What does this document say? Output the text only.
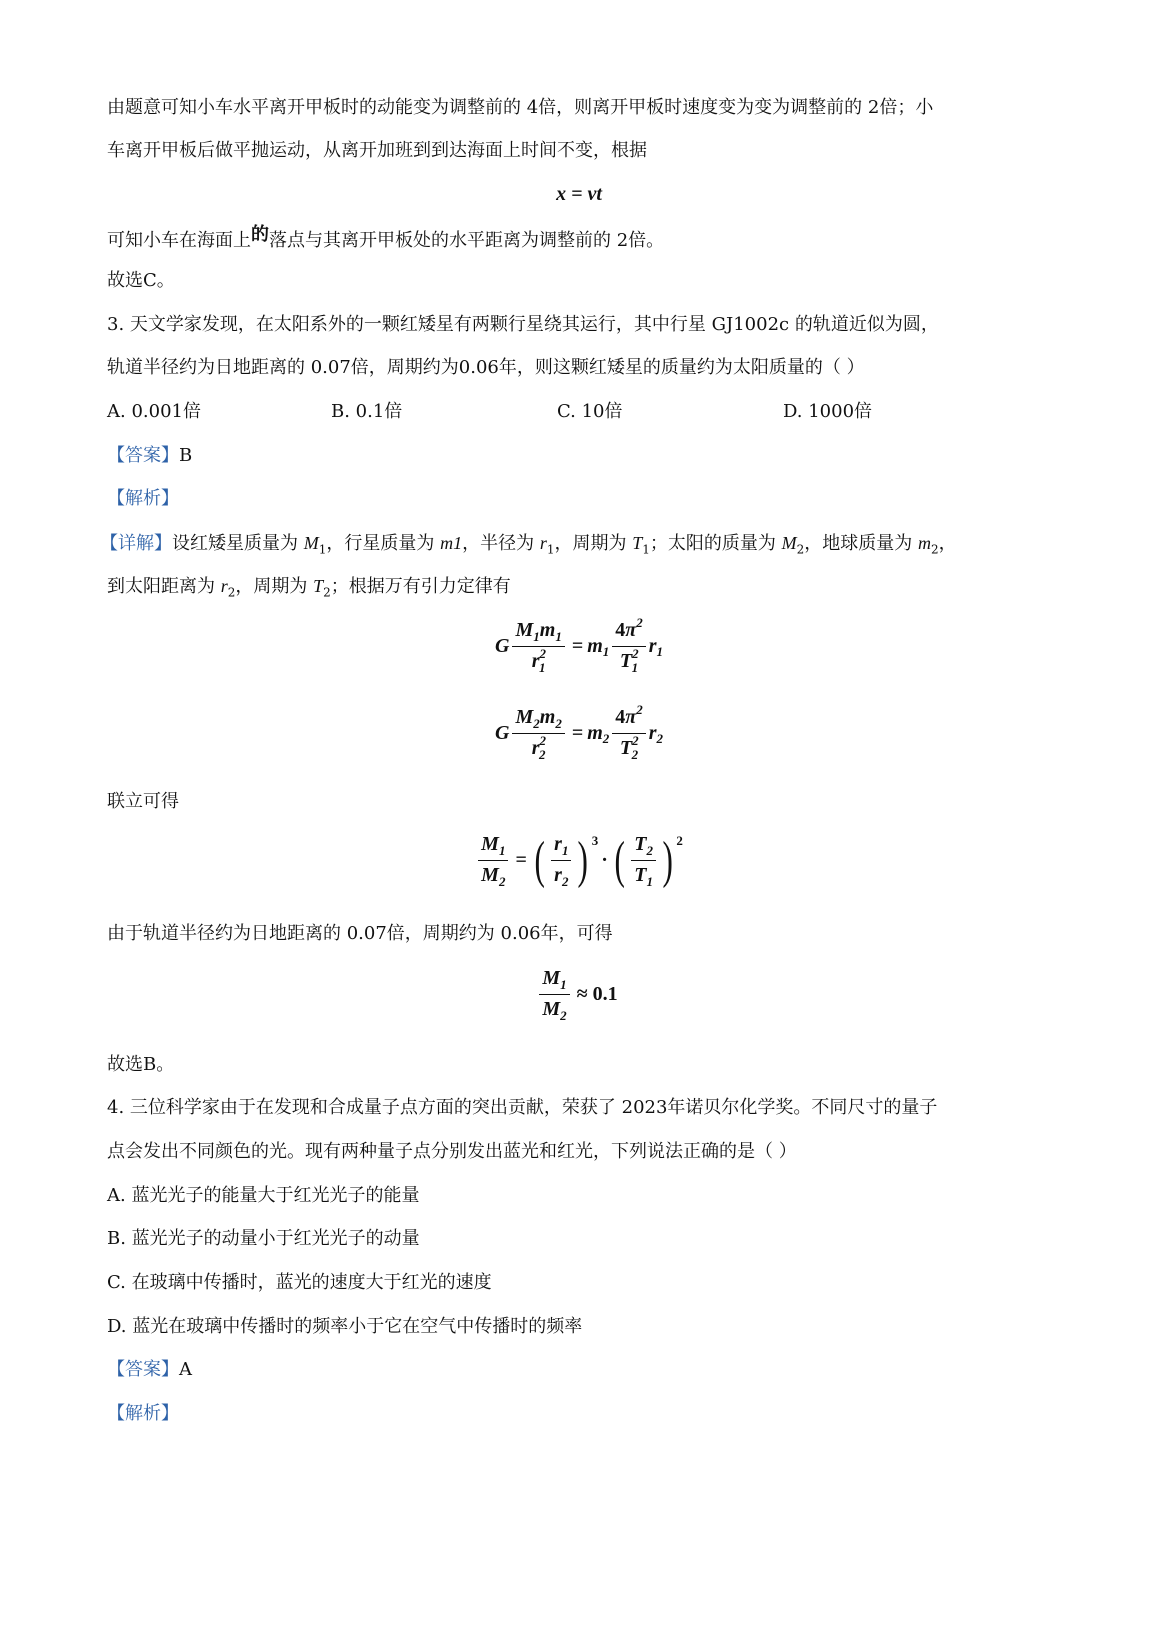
由题意可知小车水平离开甲板时的动能变为调整前的 4倍，则离开甲板时速度变为变为调整前的 2倍；小
车离开甲板后做平抛运动，从离开加班到到达海面上时间不变，根据
x = vt
可知小车在海面上的落点与其离开甲板处的水平距离为调整前的 2倍。
故选C。
3. 天文学家发现，在太阳系外的一颗红矮星有两颗行星绕其运行，其中行星 GJ1002c 的轨道近似为圆，
轨道半径约为日地距离的 0.07倍，周期约为0.06年，则这颗红矮星的质量约为太阳质量的（ ）
A. 0.001倍	B. 0.1倍	C. 10倍	D. 1000倍
【答案】B
【解析】
【详解】设红矮星质量为 $M_1$，行星质量为 m1，半径为 $r_1$，周期为 $T_1$；太阳的质量为 $M_2$，地球质量为 $m_2$，
到太阳距离为 $r_2$，周期为 $T_2$；根据万有引力定律有
G $\frac{M_1m_1}{r^2_1} = m$ $1 \frac{4\pi^2}{T^2_1}$ r 1
G $\frac{M_2m_2}{r^2_2} = m$ $2 \frac{4\pi^2}{T^2_2}$ r 2
联立可得
$\frac{M_1}{M_2}$ = ( $\frac{r_1}{r_2}$ ) 3
· ( $\frac{T_2}{T_1}$ ) 2
由于轨道半径约为日地距离的 0.07倍，周期约为 0.06年，可得
$\frac{M_1}{M_2} \approx 0.1$
故选B。
4. 三位科学家由于在发现和合成量子点方面的突出贡献，荣获了 2023年诺贝尔化学奖。不同尺寸的量子
点会发出不同颜色的光。现有两种量子点分别发出蓝光和红光，下列说法正确的是（ ）
A. 蓝光光子的能量大于红光光子的能量
B. 蓝光光子的动量小于红光光子的动量
C. 在玻璃中传播时，蓝光的速度大于红光的速度
D. 蓝光在玻璃中传播时的频率小于它在空气中传播时的频率
【答案】A
【解析】
